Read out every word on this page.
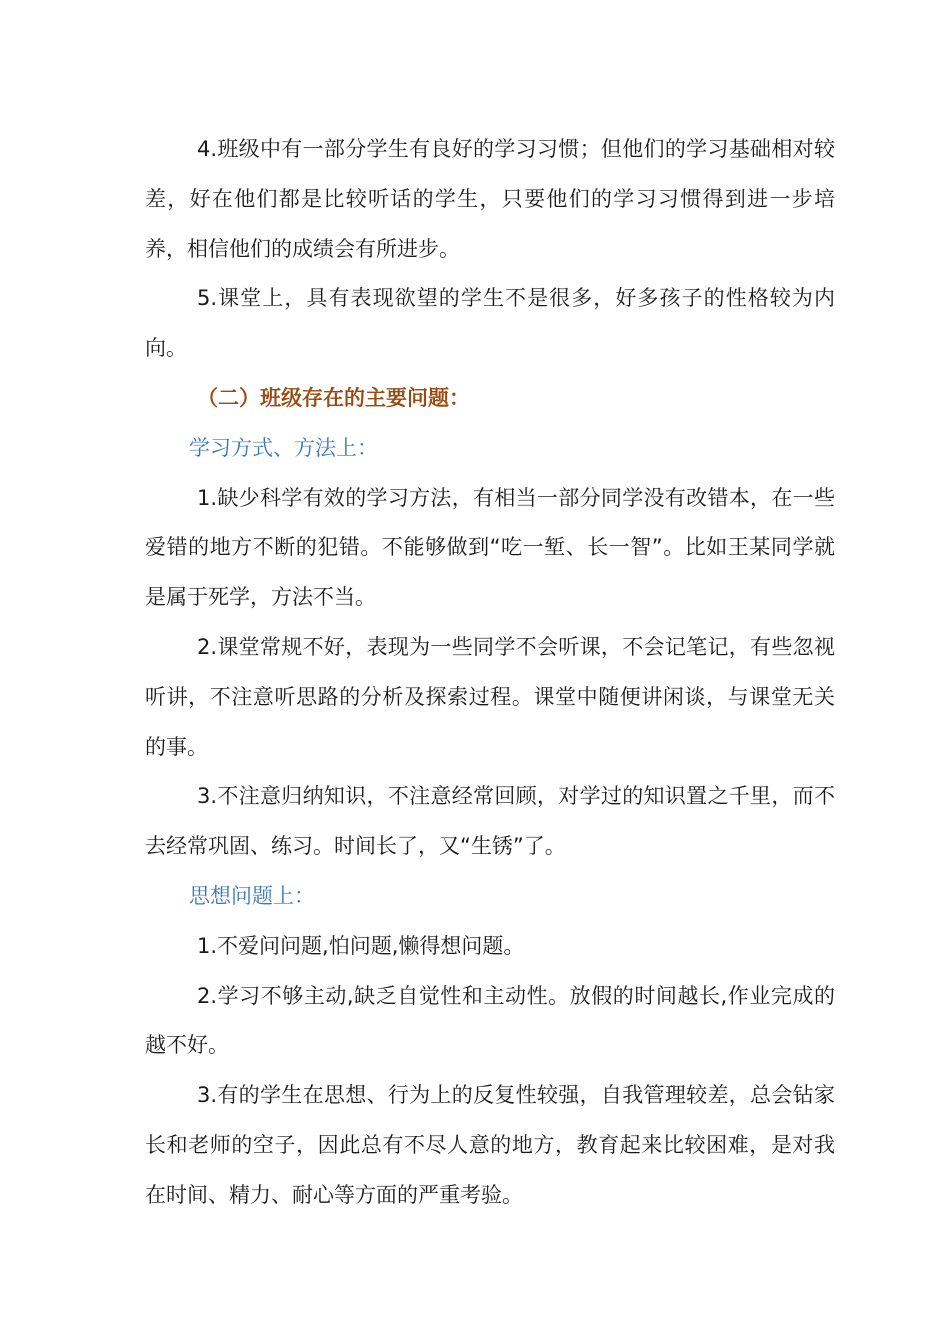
4.班级中有一部分学生有良好的学习习惯；但他们的学习基础相对较差，好在他们都是比较听话的学生，只要他们的学习习惯得到进一步培养，相信他们的成绩会有所进步。

5.课堂上，具有表现欲望的学生不是很多，好多孩子的性格较为内向。

（二）班级存在的主要问题：

学习方式、方法上：

1.缺少科学有效的学习方法，有相当一部分同学没有改错本，在一些爱错的地方不断的犯错。不能够做到“吃一堑、长一智”。比如王某同学就是属于死学，方法不当。

2.课堂常规不好，表现为一些同学不会听课，不会记笔记，有些忽视听讲，不注意听思路的分析及探索过程。课堂中随便讲闲谈，与课堂无关的事。

3.不注意归纳知识，不注意经常回顾，对学过的知识置之千里，而不去经常巩固、练习。时间长了，又“生锈”了。

思想问题上：

1.不爱问问题,怕问题,懒得想问题。

2.学习不够主动,缺乏自觉性和主动性。放假的时间越长,作业完成的越不好。

3.有的学生在思想、行为上的反复性较强，自我管理较差，总会钻家长和老师的空子，因此总有不尽人意的地方，教育起来比较困难，是对我在时间、精力、耐心等方面的严重考验。
